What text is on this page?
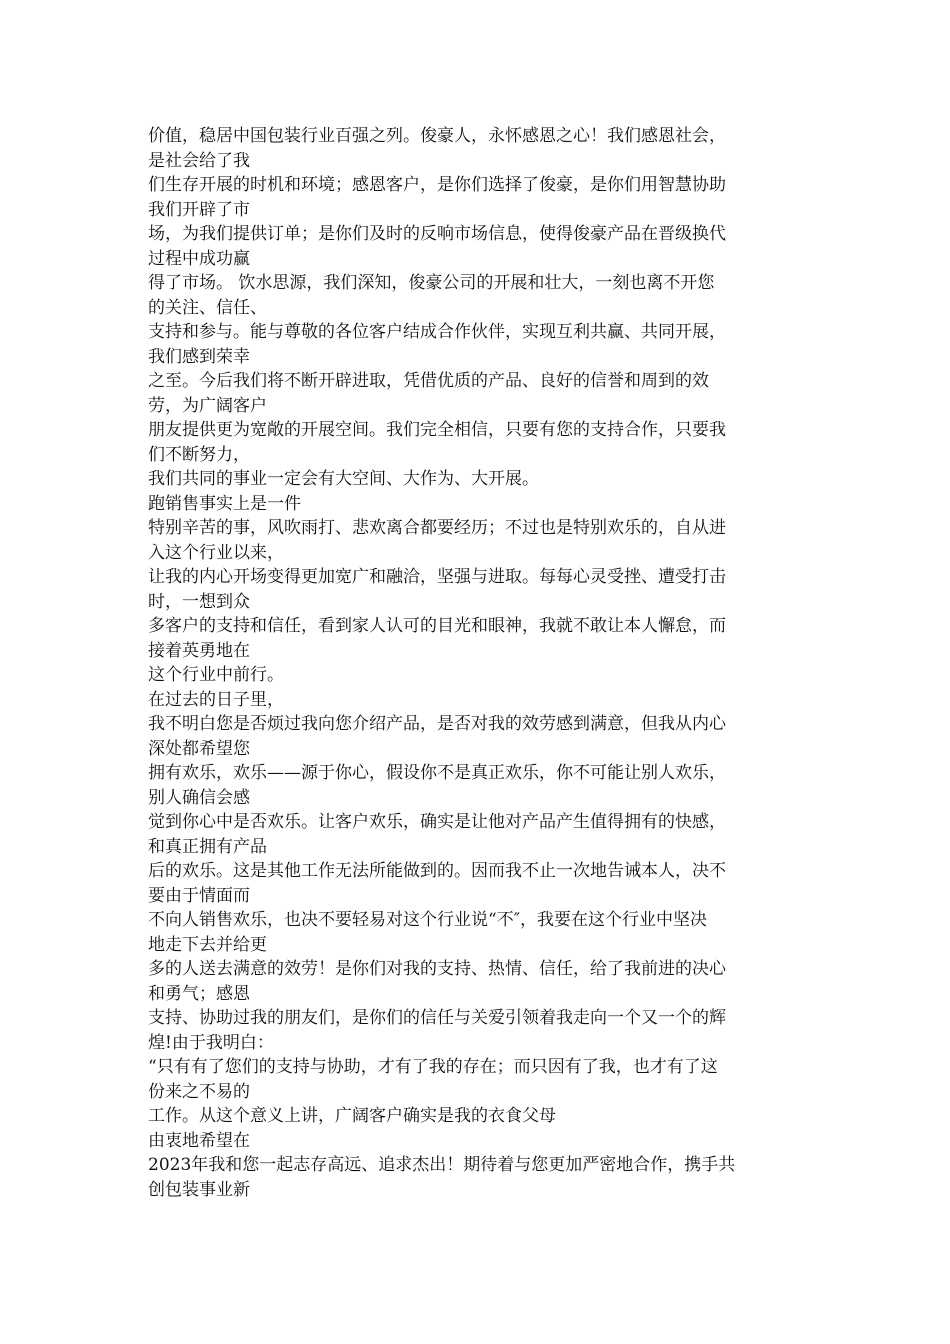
价值，稳居中国包装行业百强之列。俊豪人，永怀感恩之心！我们感恩社会，
是社会给了我
们生存开展的时机和环境；感恩客户，是你们选择了俊豪，是你们用智慧协助
我们开辟了市
场，为我们提供订单；是你们及时的反响市场信息，使得俊豪产品在晋级换代
过程中成功赢
得了市场。 饮水思源，我们深知，俊豪公司的开展和壮大，一刻也离不开您
的关注、信任、
支持和参与。能与尊敬的各位客户结成合作伙伴，实现互利共赢、共同开展，
我们感到荣幸
之至。今后我们将不断开辟进取，凭借优质的产品、良好的信誉和周到的效
劳，为广阔客户
朋友提供更为宽敞的开展空间。我们完全相信，只要有您的支持合作，只要我
们不断努力，
我们共同的事业一定会有大空间、大作为、大开展。
跑销售事实上是一件
特别辛苦的事，风吹雨打、悲欢离合都要经历；不过也是特别欢乐的，自从进
入这个行业以来，
让我的内心开场变得更加宽广和融洽，坚强与进取。每每心灵受挫、遭受打击
时，一想到众
多客户的支持和信任，看到家人认可的目光和眼神，我就不敢让本人懈怠，而
接着英勇地在
这个行业中前行。
在过去的日子里，
我不明白您是否烦过我向您介绍产品，是否对我的效劳感到满意，但我从内心
深处都希望您
拥有欢乐，欢乐——源于你心，假设你不是真正欢乐，你不可能让别人欢乐，
别人确信会感
觉到你心中是否欢乐。让客户欢乐，确实是让他对产品产生值得拥有的快感，
和真正拥有产品
后的欢乐。这是其他工作无法所能做到的。因而我不止一次地告诫本人，决不
要由于情面而
不向人销售欢乐，也决不要轻易对这个行业说“不″，我要在这个行业中坚决
地走下去并给更
多的人送去满意的效劳！是你们对我的支持、热情、信任，给了我前进的决心
和勇气；感恩
支持、协助过我的朋友们，是你们的信任与关爱引领着我走向一个又一个的辉
煌!由于我明白：
“只有有了您们的支持与协助，才有了我的存在；而只因有了我，也才有了这
份来之不易的
工作。从这个意义上讲，广阔客户确实是我的衣食父母
由衷地希望在
2023年我和您一起志存高远、追求杰出！期待着与您更加严密地合作，携手共
创包装事业新
